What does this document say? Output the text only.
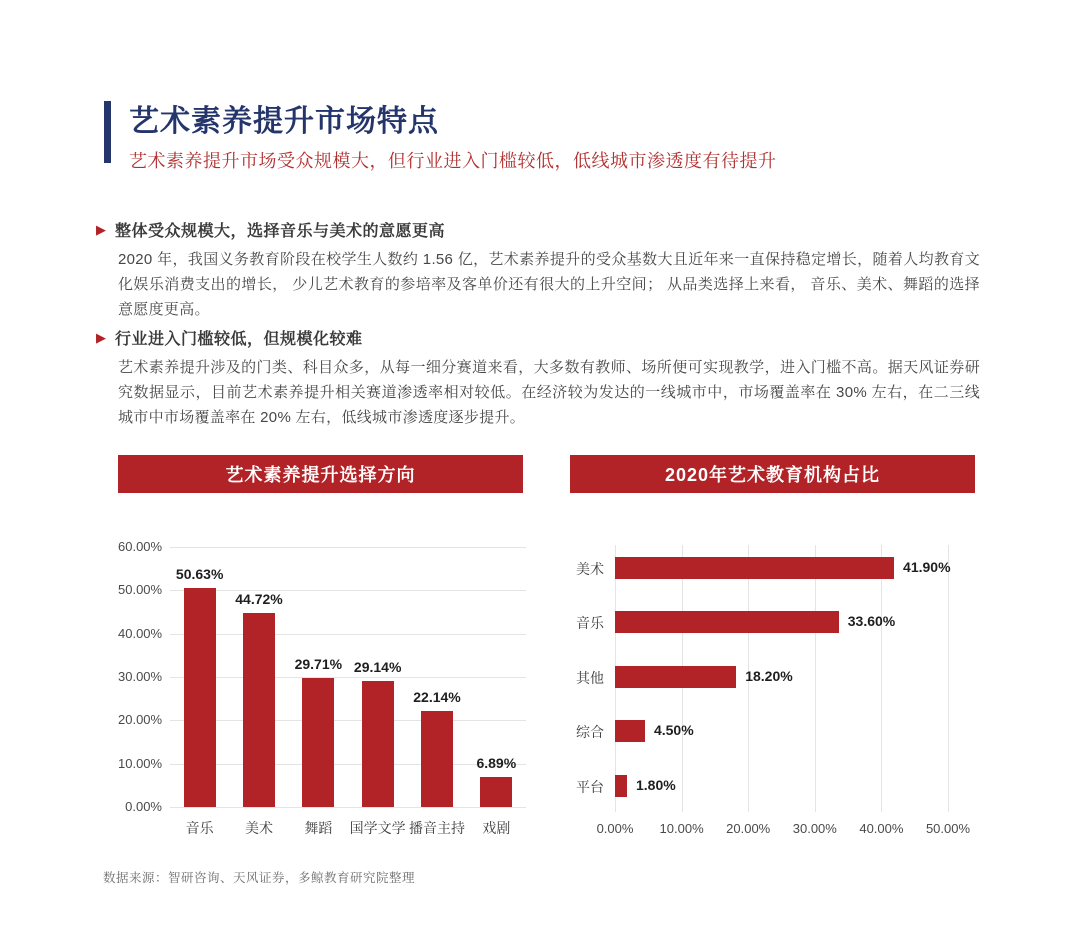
艺术素养提升市场特点
艺术素养提升市场受众规模大，但行业进入门槛较低，低线城市渗透度有待提升
▶ 整体受众规模大，选择音乐与美术的意愿更高
2020 年，我国义务教育阶段在校学生人数约 1.56 亿，艺术素养提升的受众基数大且近年来一直保持稳定增长，随着人均教育文化娱乐消费支出的增长， 少儿艺术教育的参培率及客单价还有很大的上升空间； 从品类选择上来看， 音乐、美术、舞蹈的选择意愿度更高。
▶ 行业进入门槛较低，但规模化较难
艺术素养提升涉及的门类、科目众多，从每一细分赛道来看，大多数有教师、场所便可实现教学，进入门槛不高。据天风证券研究数据显示，目前艺术素养提升相关赛道渗透率相对较低。在经济较为发达的一线城市中，市场覆盖率在 30% 左右，在二三线城市中市场覆盖率在 20% 左右，低线城市渗透度逐步提升。
艺术素养提升选择方向	2020年艺术教育机构占比
60.00%
50.00%
40.00%
30.00%
20.00%
10.00%
0.00%
50.63%
音乐
44.72%
美术
29.71%
舞蹈
29.14%
国学文学
22.14%
播音主持
6.89%
戏剧	0.00%	10.00%	20.00%	30.00%	40.00%	50.00%
美术	41.90%
音乐	33.60%
其他	18.20%
综合	4.50%
平台 1.80%
数据来源：智研咨询、天风证券，多鲸教育研究院整理
